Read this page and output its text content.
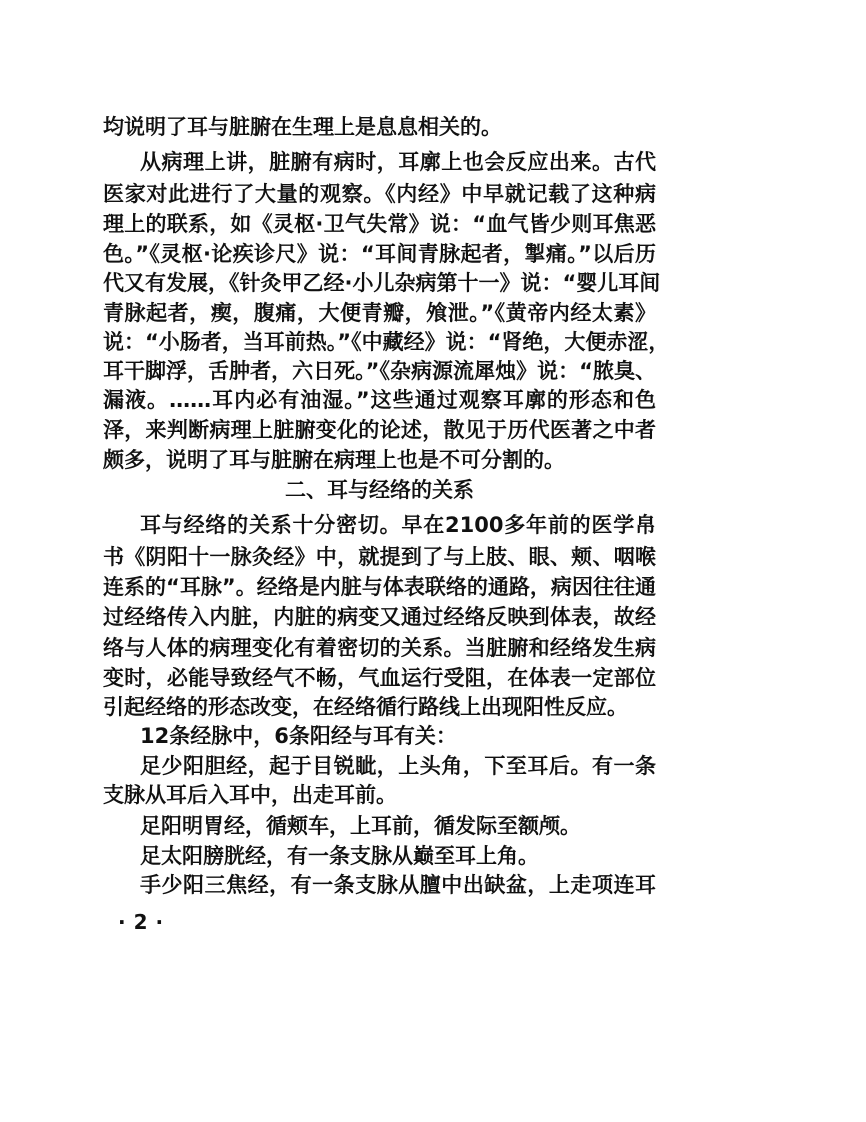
均说明了耳与脏腑在生理上是息息相关的。
从病理上讲，脏腑有病时，耳廓上也会反应出来。古代
医家对此进行了大量的观察。《内经》中早就记载了这种病
理上的联系，如《灵枢·卫气失常》说：“血气皆少则耳焦恶
色。”《灵枢·论疾诊尺》说：“耳间青脉起者，掣痛。”以后历
代又有发展，《针灸甲乙经·小儿杂病第十一》说：“婴儿耳间
青脉起者，瘈，腹痛，大便青瓣，飧泄。”《黄帝内经太素》
说：“小肠者，当耳前热。”《中藏经》说：“肾绝，大便赤涩，
耳干脚浮，舌肿者，六日死。”《杂病源流犀烛》说：“脓臭、
漏液。……耳内必有油湿。”这些通过观察耳廓的形态和色
泽，来判断病理上脏腑变化的论述，散见于历代医著之中者
颇多，说明了耳与脏腑在病理上也是不可分割的。
二、耳与经络的关系
耳与经络的关系十分密切。早在2100多年前的医学帛
书《阴阳十一脉灸经》中，就提到了与上肢、眼、颊、咽喉
连系的“耳脉”。经络是内脏与体表联络的通路，病因往往通
过经络传入内脏，内脏的病变又通过经络反映到体表，故经
络与人体的病理变化有着密切的关系。当脏腑和经络发生病
变时，必能导致经气不畅，气血运行受阻，在体表一定部位
引起经络的形态改变，在经络循行路线上出现阳性反应。
12条经脉中，6条阳经与耳有关：
足少阳胆经，起于目锐眦，上头角，下至耳后。有一条
支脉从耳后入耳中，出走耳前。
足阳明胃经，循颊车，上耳前，循发际至额颅。
足太阳膀胱经，有一条支脉从巅至耳上角。
手少阳三焦经，有一条支脉从膻中出缺盆，上走项连耳
·2·
